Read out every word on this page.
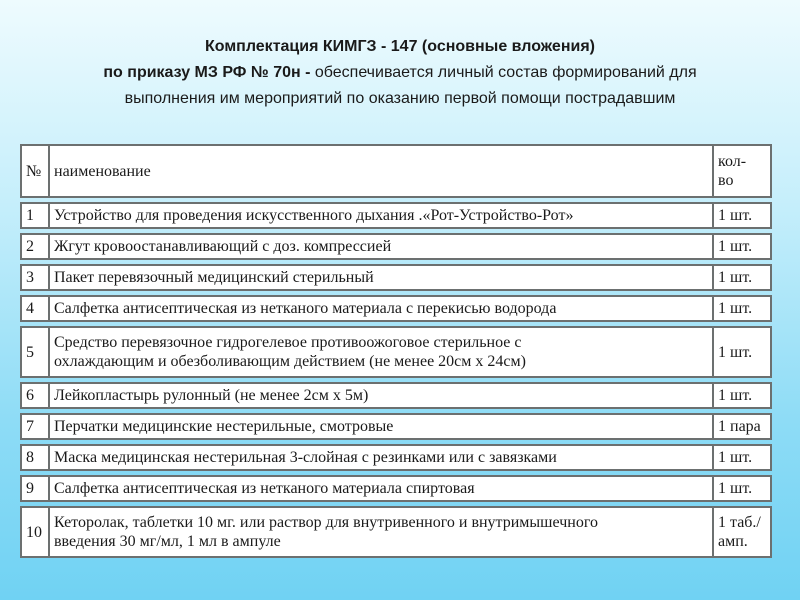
Комплектация КИМГЗ - 147 (основные вложения)
по приказу МЗ РФ № 70н - обеспечивается личный состав формирований для
выполнения им мероприятий по оказанию первой помощи пострадавшим
№	наименование	кол-
во
1	Устройство для проведения искусственного дыхания .«Рот-Устройство-Рот»	1 шт.
2	Жгут кровоостанавливающий с доз. компрессией	1 шт.
3	Пакет перевязочный медицинский стерильный	1 шт.
4	Салфетка антисептическая из нетканого материала с перекисью водорода	1 шт.
5	Средство перевязочное гидрогелевое противоожоговое стерильное с
охлаждающим и обезболивающим действием (не менее 20см х 24см)	1 шт.
6	Лейкопластырь рулонный (не менее 2см х 5м)	1 шт.
7	Перчатки медицинские нестерильные, смотровые	1 пара
8	Маска медицинская нестерильная 3-слойная с резинками или с завязками	1 шт.
9	Салфетка антисептическая из нетканого материала спиртовая	1 шт.
10	Кеторолак, таблетки 10 мг. или раствор для внутривенного и внутримышечного
введения 30 мг/мл, 1 мл в ампуле	1 таб./
амп.
